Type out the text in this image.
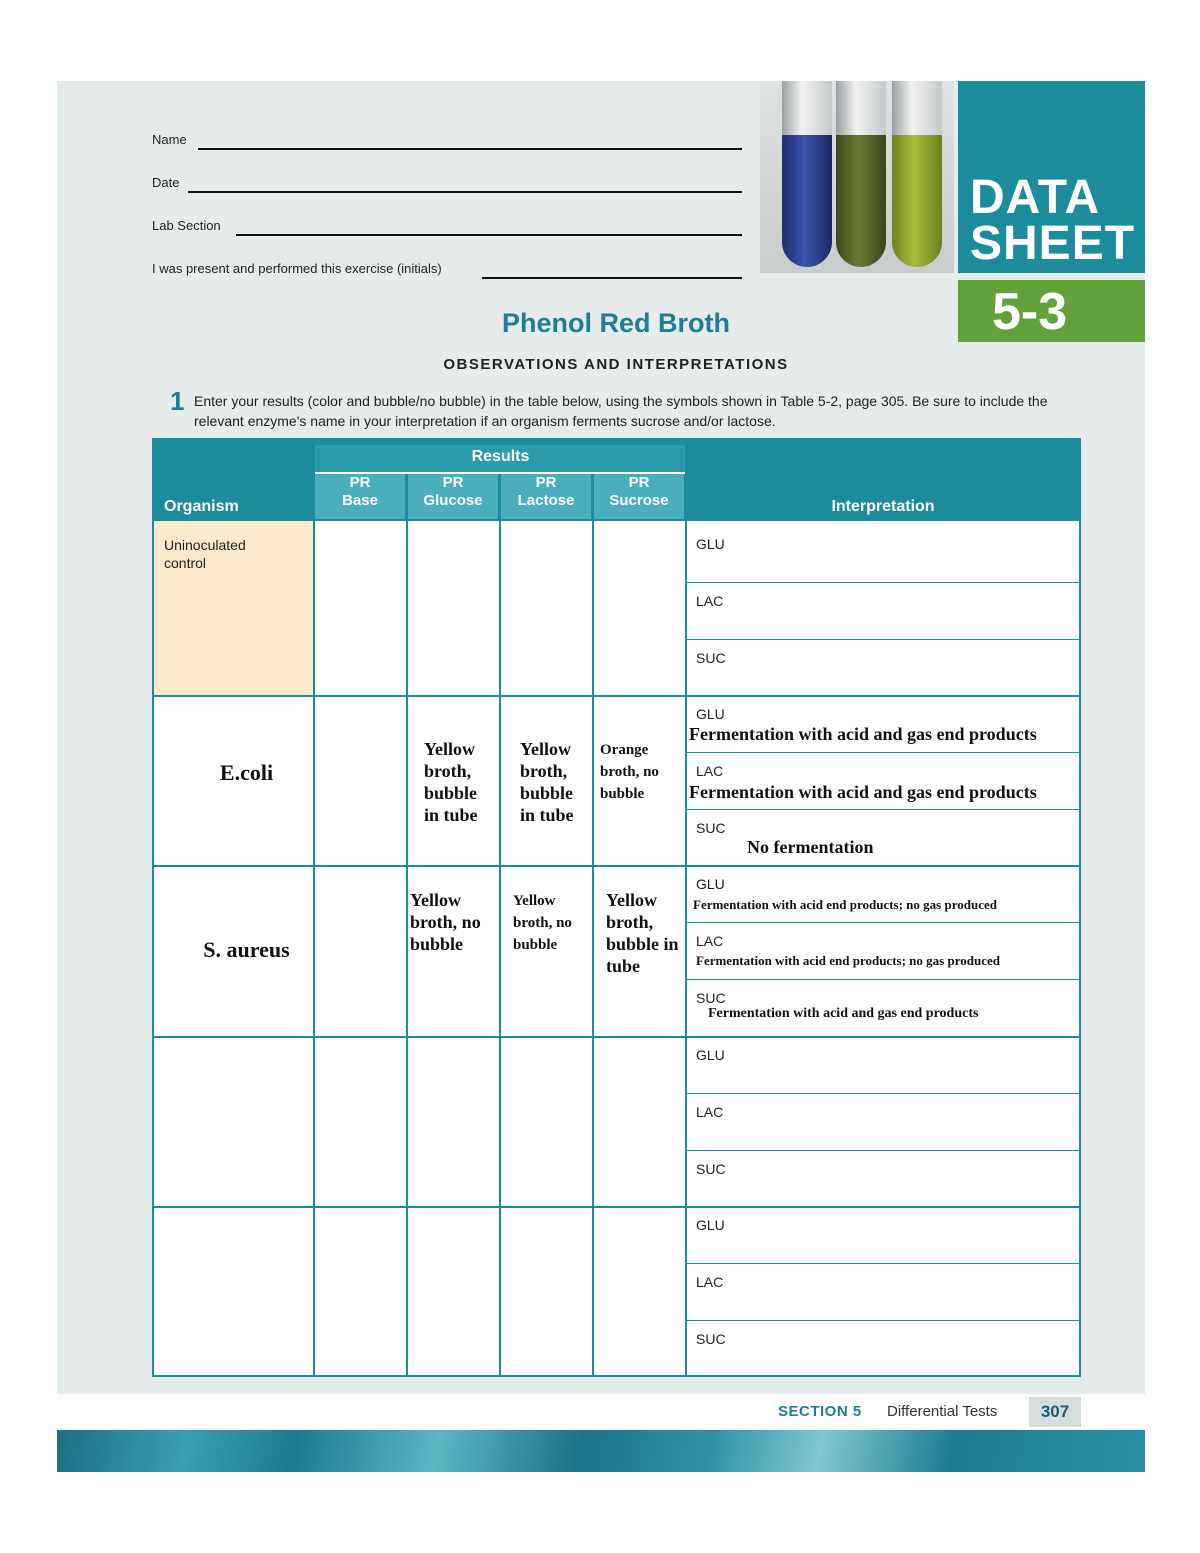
Name
Date
Lab Section
I was present and performed this exercise (initials)
DATA
SHEET
5-3
Phenol Red Broth
OBSERVATIONS AND INTERPRETATIONS
1 Enter your results (color and bubble/no bubble) in the table below, using the symbols shown in Table 5-2, page 305. Be sure to include the relevant enzyme's name in your interpretation if an organism ferments sucrose and/or lactose.
Results
Organism	Interpretation
PR
Base
PR
Glucose
PR
Lactose
PR
Sucrose
Uninoculated control
GLU
LAC
SUC
E.coli
Yellow broth, bubble in tube
Yellow broth, bubble in tube
Orange broth, no bubble
GLU
Fermentation with acid and gas end products
LAC
Fermentation with acid and gas end products
SUC
No fermentation
S. aureus
Yellow broth, no bubble
Yellow broth, no bubble
Yellow broth, bubble in tube
GLU
Fermentation with acid end products; no gas produced
LAC
Fermentation with acid end products; no gas produced
SUC
Fermentation with acid and gas end products
GLU
LAC
SUC
GLU
LAC
SUC
SECTION 5 Differential Tests	307
